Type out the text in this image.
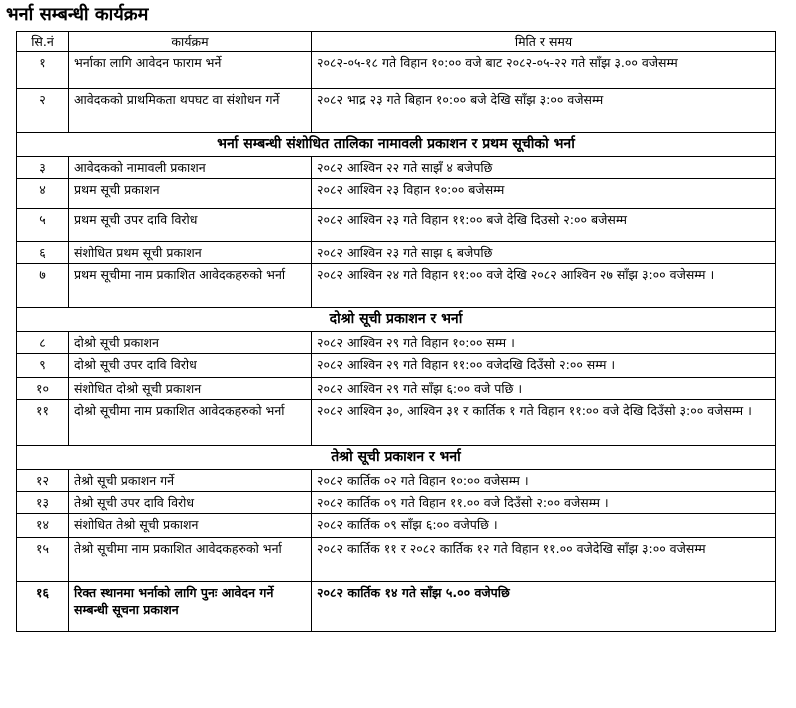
भर्ना सम्बन्धी कार्यक्रम
सि.नं	कार्यक्रम	मिति र समय
१	भर्नाका लागि आवेदन फाराम भर्ने	२०८२-०५-१८ गते विहान १०:०० वजे बाट २०८२-०५-२२ गते साँझ ३.०० वजेसम्म
२	आवेदकको प्राथमिकता थपघट वा संशोधन गर्ने	२०८२ भाद्र २३ गते बिहान १०:०० बजे देखि साँझ ३:०० वजेसम्म
भर्ना सम्बन्धी संशोधित तालिका नामावली प्रकाशन र प्रथम सूचीको भर्ना		
३	आवेदकको नामावली प्रकाशन	२०८२ आश्विन २२ गते साझँ ४ बजेपछि
४	प्रथम सूची प्रकाशन	२०८२ आश्विन २३ विहान १०:०० बजेसम्म
५	प्रथम सूची उपर दावि विरोध	२०८२ आश्विन २३ गते विहान ११:०० बजे देखि दिउसो २:०० बजेसम्म
६	संशोधित प्रथम सूची प्रकाशन	२०८२ आश्विन २३ गते साझ ६ बजेपछि
७	प्रथम सूचीमा नाम प्रकाशित आवेदकहरुको भर्ना	२०८२ आश्विन २४ गते विहान ११:०० वजे देखि २०८२ आश्विन २७ साँझ ३:०० वजेसम्म ।
दोश्रो सूची प्रकाशन र भर्ना		
८	दोश्रो सूची प्रकाशन	२०८२ आश्विन २९ गते विहान १०:०० सम्म ।
९	दोश्रो सूची उपर दावि विरोध	२०८२ आश्विन २९ गते विहान ११:०० वजेदखि दिउँसो २:०० सम्म ।
१०	संशोधित दोश्रो सूची प्रकाशन	२०८२ आश्विन २९ गते साँझ ६:०० वजे पछि ।
११	दोश्रो सूचीमा नाम प्रकाशित आवेदकहरुको भर्ना	२०८२ आश्विन ३०, आश्विन ३१ र कार्तिक १ गते विहान ११:०० वजे देखि दिउँसो ३:०० वजेसम्म ।
तेश्रो सूची प्रकाशन र भर्ना		
१२	तेश्रो सूची प्रकाशन गर्ने	२०८२ कार्तिक ०२ गते विहान १०:०० वजेसम्म ।
१३	तेश्रो सूची उपर दावि विरोध	२०८२ कार्तिक ०९ गते विहान ११.०० वजे दिउँसो २:०० वजेसम्म ।
१४	संशोधित तेश्रो सूची प्रकाशन	२०८२ कार्तिक ०९ साँझ ६:०० वजेपछि ।
१५	तेश्रो सूचीमा नाम प्रकाशित आवेदकहरुको भर्ना	२०८२ कार्तिक ११ र २०८२ कार्तिक १२ गते विहान ११.०० वजेदेखि साँझ ३:०० वजेसम्म
१६	रिक्त स्थानमा भर्नाको लागि पुनः आवेदन गर्ने सम्बन्धी सूचना प्रकाशन	२०८२ कार्तिक १४ गते साँझ ५.०० वजेपछि
